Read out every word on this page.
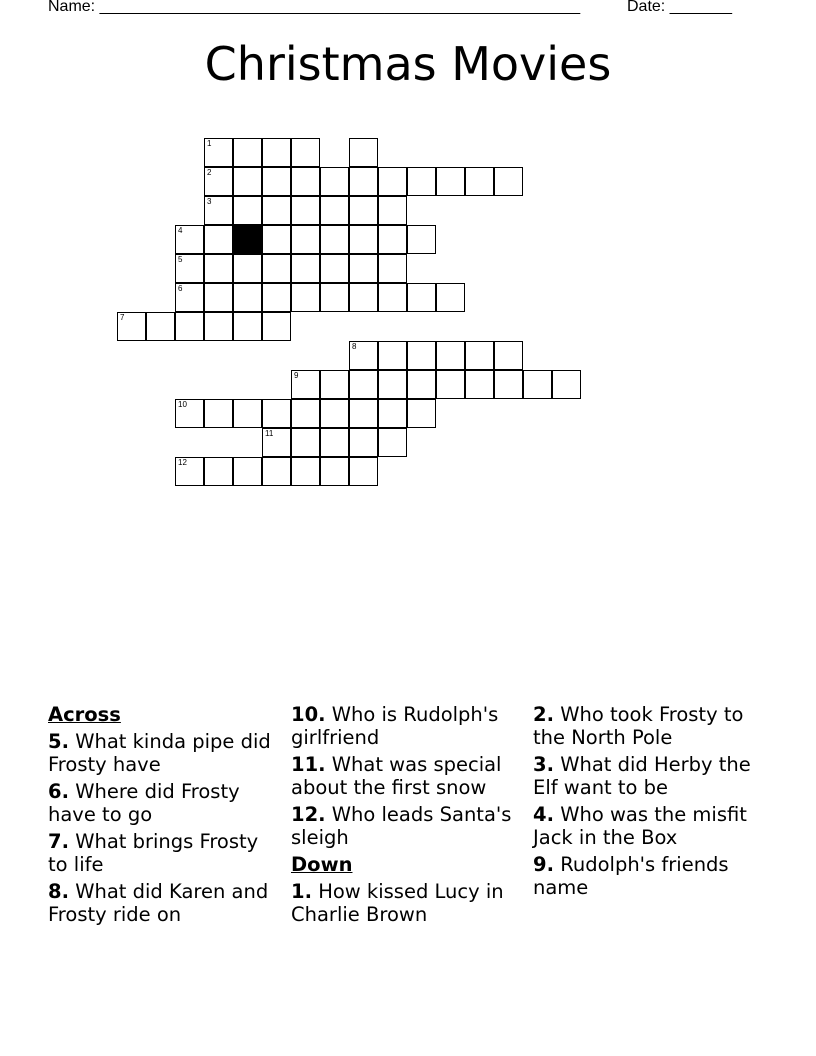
Name: ______________________________________________________	Date: _______
Christmas Movies
1
2
3
4
5
6
7
8
9
10
11
12
Across
5. What kinda pipe did Frosty have
6. Where did Frosty have to go
7. What brings Frosty to life
8. What did Karen and Frosty ride on
10. Who is Rudolph's girlfriend
11. What was special about the first snow
12. Who leads Santa's sleigh
Down
1. How kissed Lucy in Charlie Brown
2. Who took Frosty to the North Pole
3. What did Herby the Elf want to be
4. Who was the misfit Jack in the Box
9. Rudolph's friends name
